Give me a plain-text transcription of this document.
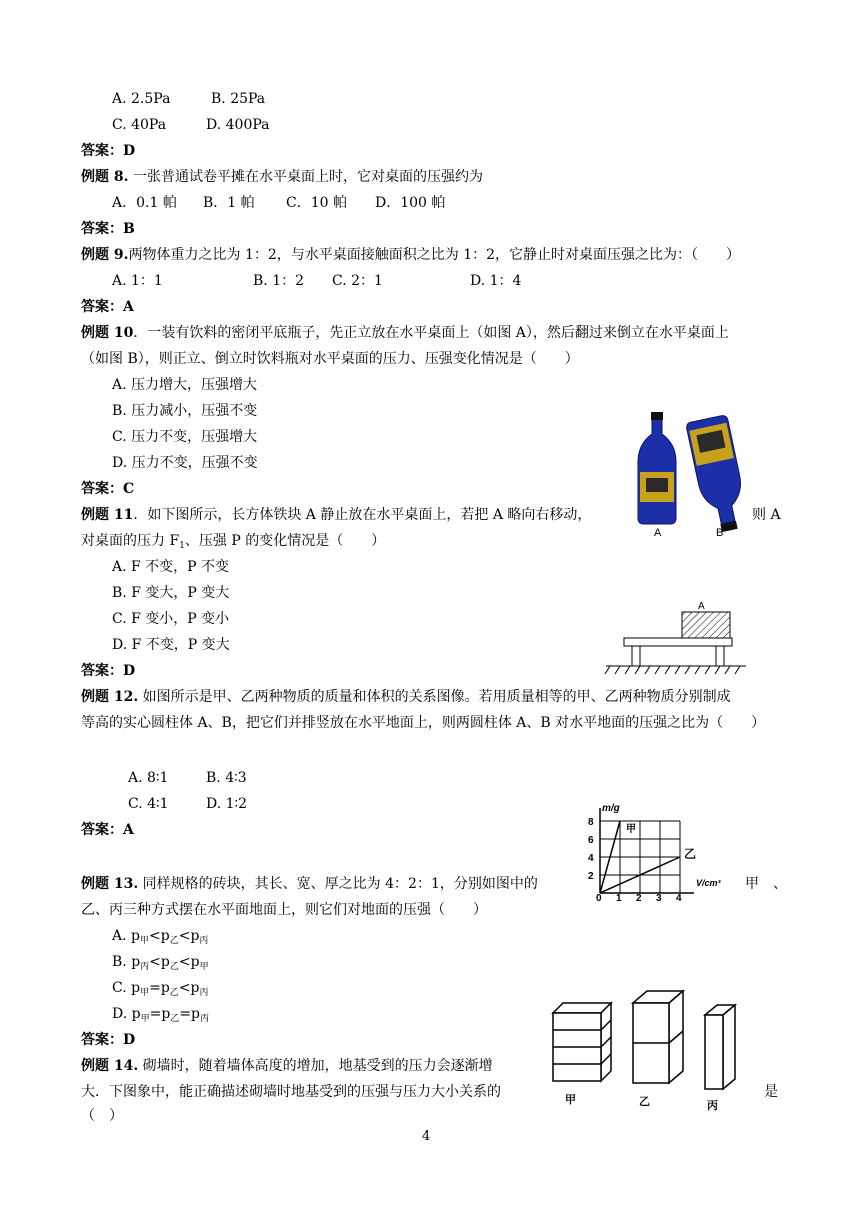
A. 2.5Pa	B. 25Pa
C. 40Pa	D. 400Pa
答案：D
例题 8. 一张普通试卷平摊在水平桌面上时，它对桌面的压强约为
A．0.1 帕 B．1 帕 C．10 帕 D．100 帕
答案：B
例题 9.两物体重力之比为 1：2，与水平桌面接触面积之比为 1：2，它静止时对桌面压强之比为：（　　）
A. 1：1	B. 1：2 C. 2：1	D. 1：4
答案：A
例题 10．一装有饮料的密闭平底瓶子，先正立放在水平桌面上（如图 A），然后翻过来倒立在水平桌面上
（如图 B），则正立、倒立时饮料瓶对水平桌面的压力、压强变化情况是（　　）
A. 压力增大，压强增大
B. 压力减小，压强不变
C. 压力不变，压强增大
D. 压力不变，压强不变
答案：C
A	B
例题 11．如下图所示，长方体铁块 A 静止放在水平桌面上，若把 A 略向右移动，	则 A
对桌面的压力 $F_1$、压强 P 的变化情况是（　　）
A. F 不变，P 不变
B. F 变大，P 变大
C. F 变小，P 变小
D. F 不变，P 变大
答案：D
A
例题 12. 如图所示是甲、乙两种物质的质量和体积的关系图像。若用质量相等的甲、乙两种物质分别制成
等高的实心圆柱体 A、B，把它们并排竖放在水平地面上，则两圆柱体 A、B 对水平地面的压强之比为（　　）
A. 8∶1	B. 4∶3
C. 4∶1	D. 1∶2
答案：A
m/g
V/cm³
8
6
4
2
0 1 2 3 4
甲
乙
例题 13. 同样规格的砖块，其长、宽、厚之比为 4：2：1，分别如图中的	甲　、
乙、丙三种方式摆在水平面地面上，则它们对地面的压强（　　）
A. $p_甲<p_乙<p_丙$
B. $p_丙<p_乙<p_甲$
C. $p_甲=p_乙<p_丙$
D. $p_甲=p_乙=p_丙$
答案：D
甲	乙	丙
例题 14. 砌墙时，随着墙体高度的增加，地基受到的压力会逐渐增
大．下图象中，能正确描述砌墙时地基受到的压强与压力大小关系的	是
（　）
4
